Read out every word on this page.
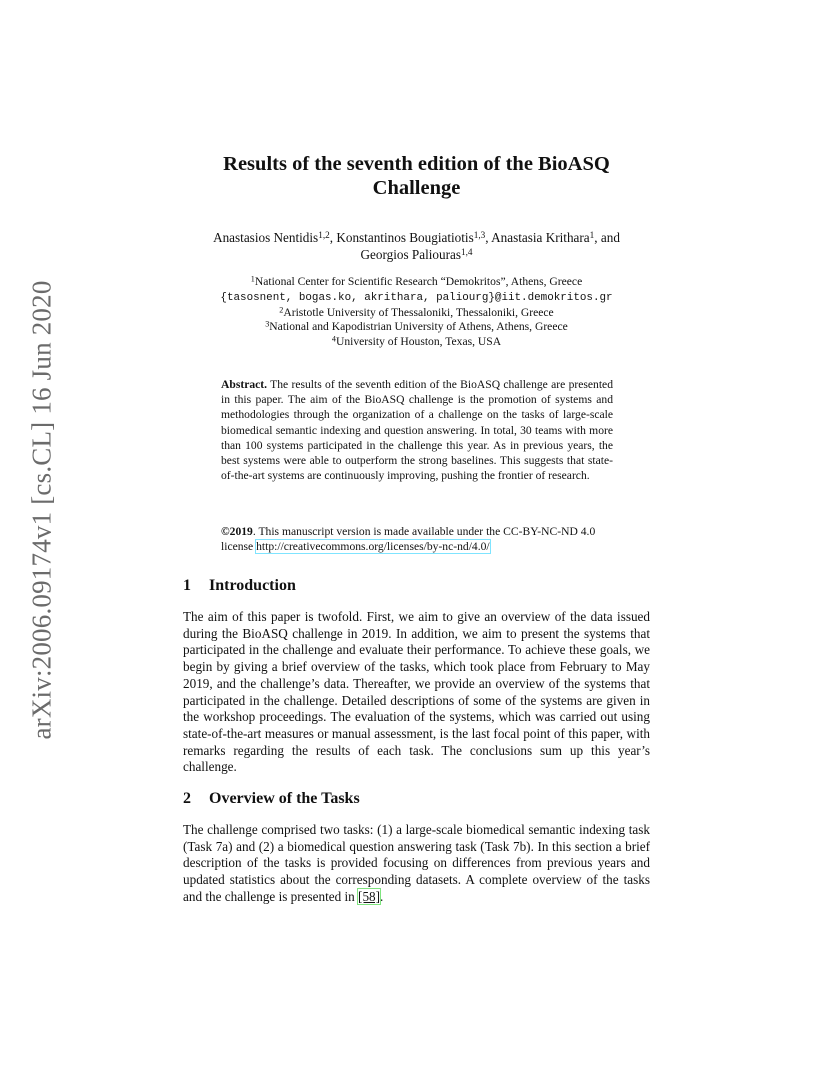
arXiv:2006.09174v1 [cs.CL] 16 Jun 2020
Results of the seventh edition of the BioASQ
Challenge
Anastasios Nentidis$^{1,2}$, Konstantinos Bougiatiotis$^{1,3}$, Anastasia Krithara$^1$, and
Georgios Paliouras$^{1,4}$
$^1$National Center for Scientific Research “Demokritos”, Athens, Greece
{tasosnent, bogas.ko, akrithara, paliourg}@iit.demokritos.gr
$^2$Aristotle University of Thessaloniki, Thessaloniki, Greece
$^3$National and Kapodistrian University of Athens, Athens, Greece
$^4$University of Houston, Texas, USA
Abstract. The results of the seventh edition of the BioASQ challenge are presented in this paper. The aim of the BioASQ challenge is the promotion of systems and methodologies through the organization of a challenge on the tasks of large-scale biomedical semantic indexing and question answering. In total, 30 teams with more than 100 systems participated in the challenge this year. As in previous years, the best systems were able to outperform the strong baselines. This suggests that state-of-the-art systems are continuously improving, pushing the frontier of research.
©2019. This manuscript version is made available under the CC-BY-NC-ND 4.0 license http://creativecommons.org/licenses/by-nc-nd/4.0/
1 Introduction
The aim of this paper is twofold. First, we aim to give an overview of the data issued during the BioASQ challenge in 2019. In addition, we aim to present the systems that participated in the challenge and evaluate their performance. To achieve these goals, we begin by giving a brief overview of the tasks, which took place from February to May 2019, and the challenge’s data. Thereafter, we provide an overview of the systems that participated in the challenge. Detailed descriptions of some of the systems are given in the workshop proceedings. The evaluation of the systems, which was carried out using state-of-the-art measures or manual assessment, is the last focal point of this paper, with remarks regarding the results of each task. The conclusions sum up this year’s challenge.
2 Overview of the Tasks
The challenge comprised two tasks: (1) a large-scale biomedical semantic indexing task (Task 7a) and (2) a biomedical question answering task (Task 7b). In this section a brief description of the tasks is provided focusing on differences from previous years and updated statistics about the corresponding datasets. A complete overview of the tasks and the challenge is presented in [58].
